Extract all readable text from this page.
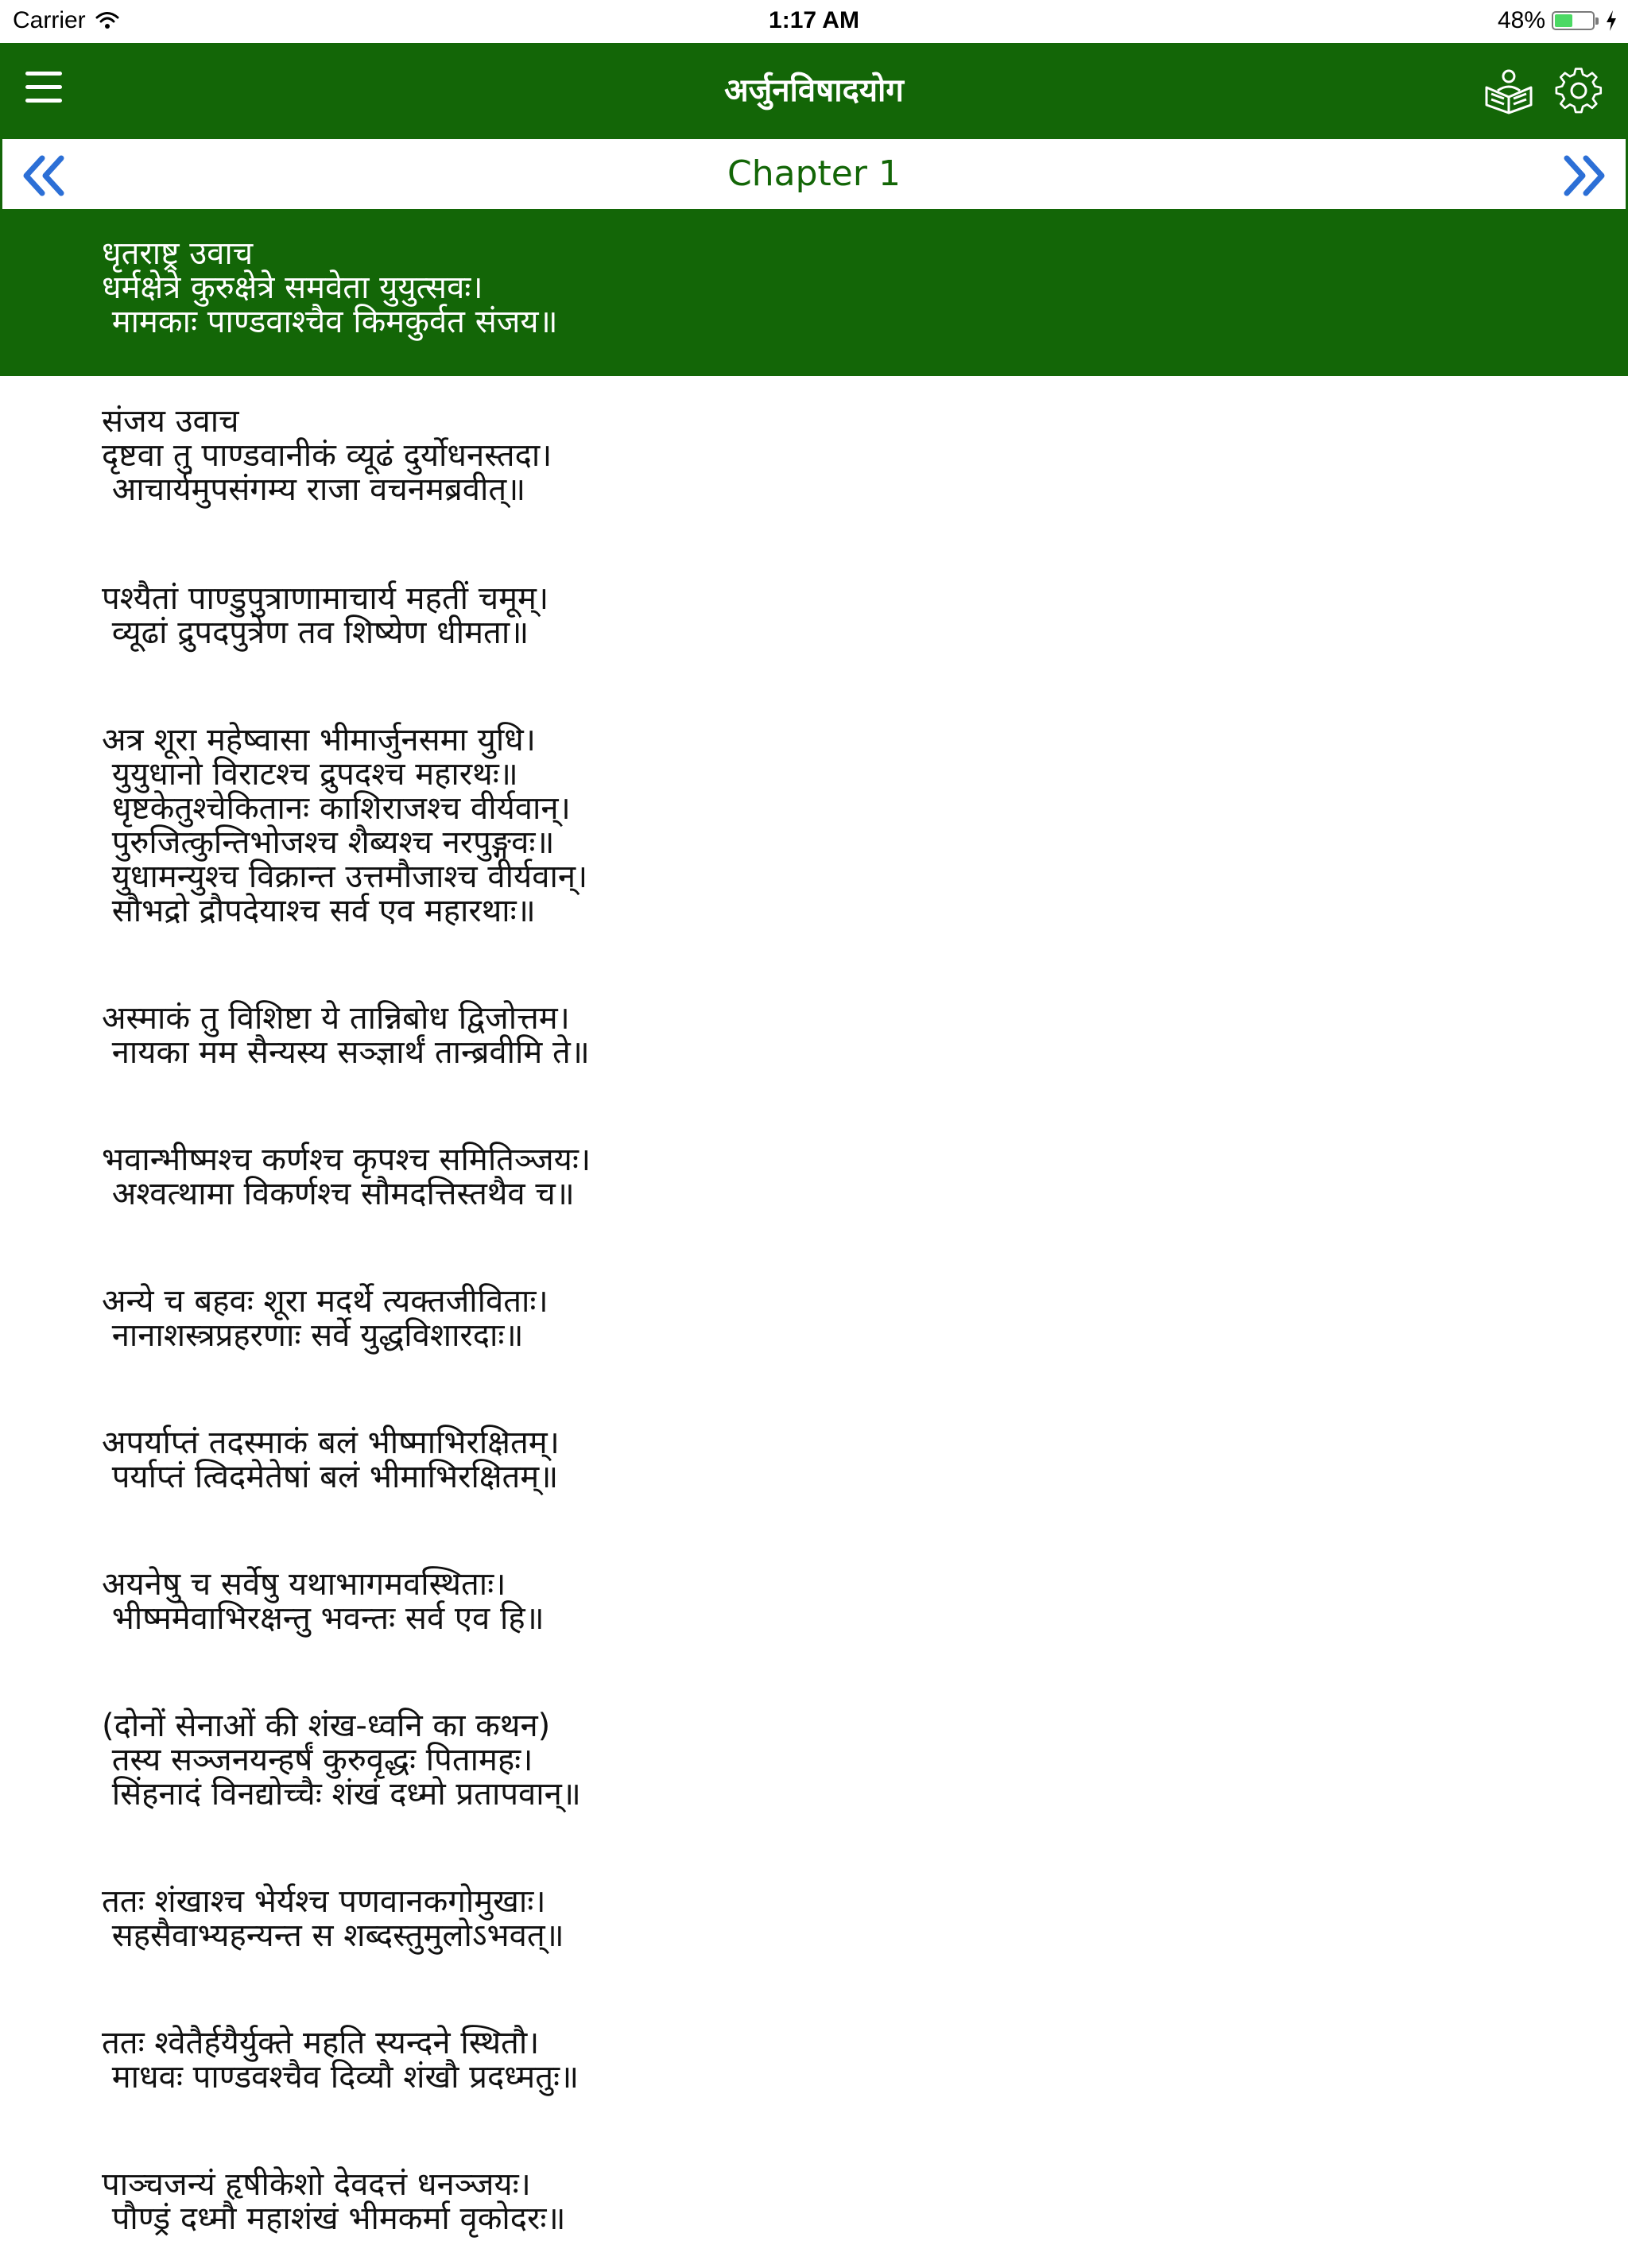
Carrier	1:17 AM	48%
अर्जुनविषादयोग
Chapter 1
धृतराष्ट्र उवाच
धर्मक्षेत्रे कुरुक्षेत्रे समवेता युयुत्सवः।
मामकाः पाण्डवाश्चैव किमकुर्वत संजय॥
संजय उवाच
दृष्टवा तु पाण्डवानीकं व्यूढं दुर्योधनस्तदा।
आचार्यमुपसंगम्य राजा वचनमब्रवीत्॥
पश्यैतां पाण्डुपुत्राणामाचार्य महतीं चमूम्।
व्यूढां द्रुपदपुत्रेण तव शिष्येण धीमता॥
अत्र शूरा महेष्वासा भीमार्जुनसमा युधि।
युयुधानो विराटश्च द्रुपदश्च महारथः॥
धृष्टकेतुश्चेकितानः काशिराजश्च वीर्यवान्।
पुरुजित्कुन्तिभोजश्च शैब्यश्च नरपुङ्गवः॥
युधामन्युश्च विक्रान्त उत्तमौजाश्च वीर्यवान्।
सौभद्रो द्रौपदेयाश्च सर्व एव महारथाः॥
अस्माकं तु विशिष्टा ये तान्निबोध द्विजोत्तम।
नायका मम सैन्यस्य सञ्ज्ञार्थं तान्ब्रवीमि ते॥
भवान्भीष्मश्च कर्णश्च कृपश्च समितिञ्जयः।
अश्वत्थामा विकर्णश्च सौमदत्तिस्तथैव च॥
अन्ये च बहवः शूरा मदर्थे त्यक्तजीविताः।
नानाशस्त्रप्रहरणाः सर्वे युद्धविशारदाः॥
अपर्याप्तं तदस्माकं बलं भीष्माभिरक्षितम्।
पर्याप्तं त्विदमेतेषां बलं भीमाभिरक्षितम्॥
अयनेषु च सर्वेषु यथाभागमवस्थिताः।
भीष्ममेवाभिरक्षन्तु भवन्तः सर्व एव हि॥
(दोनों सेनाओं की शंख-ध्वनि का कथन)
तस्य सञ्जनयन्हर्षं कुरुवृद्धः पितामहः।
सिंहनादं विनद्योच्चैः शंखं दध्मो प्रतापवान्॥
ततः शंखाश्च भेर्यश्च पणवानकगोमुखाः।
सहसैवाभ्यहन्यन्त स शब्दस्तुमुलोऽभवत्॥
ततः श्वेतैर्हयैर्युक्ते महति स्यन्दने स्थितौ।
माधवः पाण्डवश्चैव दिव्यौ शंखौ प्रदध्मतुः॥
पाञ्चजन्यं हृषीकेशो देवदत्तं धनञ्जयः।
पौण्ड्रं दध्मौ महाशंखं भीमकर्मा वृकोदरः॥
